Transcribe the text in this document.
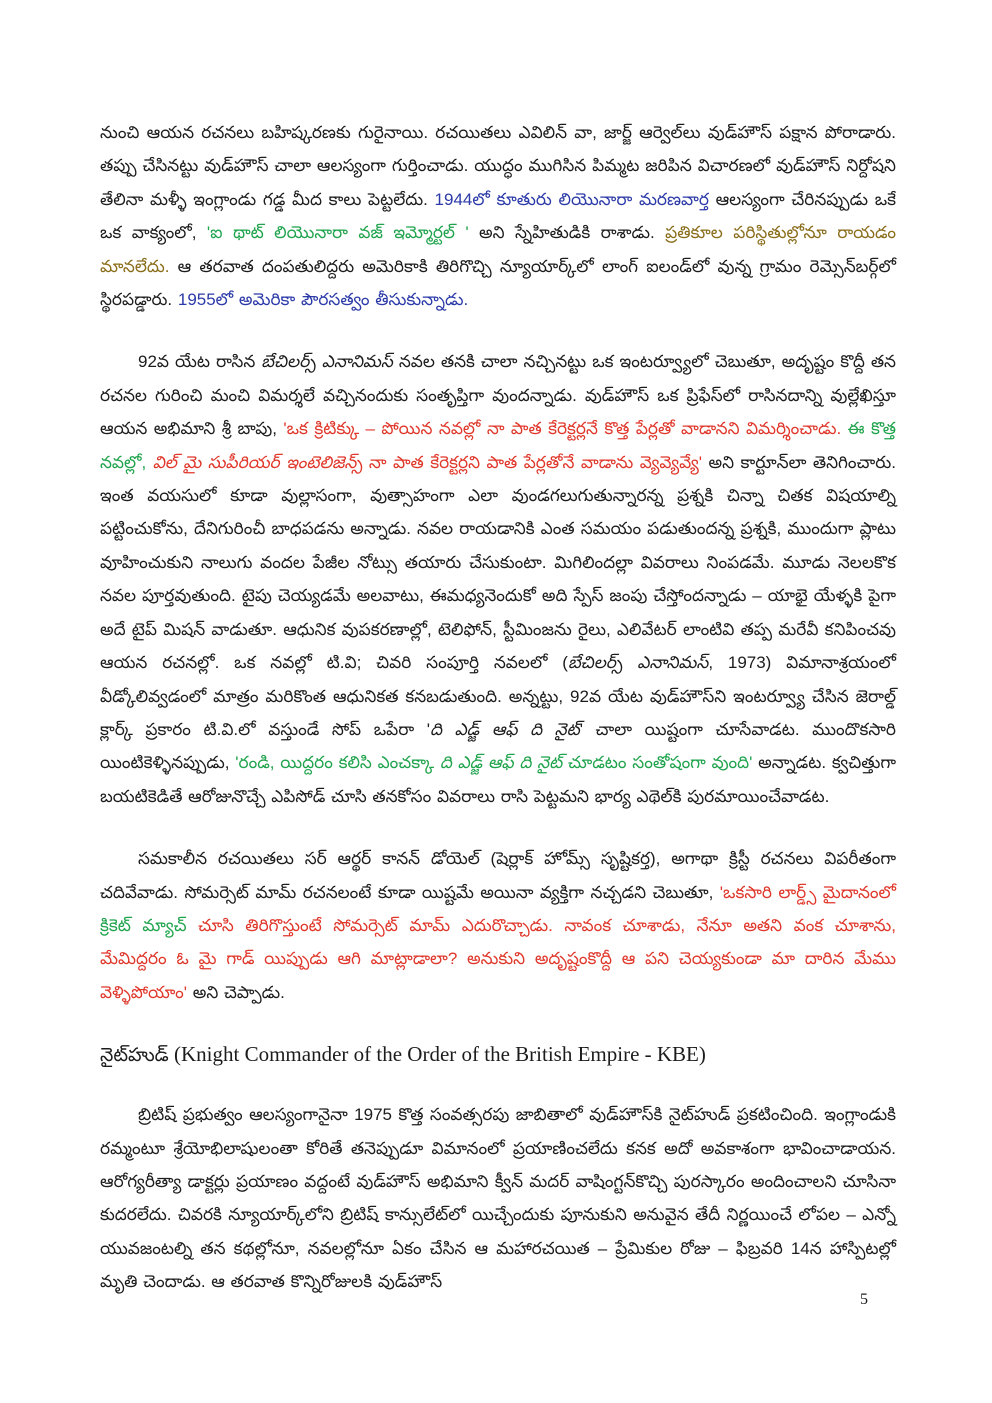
నుంచి ఆయన రచనలు బహిష్కరణకు గురైనాయి. రచయితలు ఎవిలిన్ వా, జార్జ్ ఆర్వెల్‌లు వుడ్‌హౌస్ పక్షాన పోరాడారు. తప్పు చేసినట్టు వుడ్‌హౌస్ చాలా ఆలస్యంగా గుర్తించాడు. యుద్ధం ముగిసిన పిమ్మట జరిపిన విచారణలో వుడ్‌హౌస్ నిర్దోషని తేలినా మళ్ళీ ఇంగ్లాండు గడ్డ మీద కాలు పెట్టలేదు. 1944లో కూతురు లియొనారా మరణవార్త ఆలస్యంగా చేరినప్పుడు ఒకే ఒక వాక్యంలో, 'ఐ థాట్ లియొనారా వజ్ ఇమ్మోర్టల్ ' అని స్నేహితుడికి రాశాడు. ప్రతికూల పరిస్థితుల్లోనూ రాయడం మానలేదు. ఆ తరవాత దంపతులిద్దరు అమెరికాకి తిరిగొచ్చి న్యూయార్క్‌లో లాంగ్ ఐలండ్‌లో వున్న గ్రామం రెమ్సెన్‌బర్గ్‌లో స్థిరపడ్డారు. 1955లో అమెరికా పౌరసత్వం తీసుకున్నాడు.

92వ యేట రాసిన బేచిలర్స్ ఎనానిమస్ నవల తనకి చాలా నచ్చినట్టు ఒక ఇంటర్వ్యూలో చెబుతూ, అదృష్టం కొద్దీ తన రచనల గురించి మంచి విమర్శలే వచ్చినందుకు సంతృప్తిగా వుందన్నాడు. వుడ్‌హౌస్ ఒక ప్రిఫేస్‌లో రాసినదాన్ని వుల్లేఖిస్తూ ఆయన అభిమాని శ్రీ బాపు, 'ఒక క్రిటిక్కు – పోయిన నవల్లో నా పాత కేరెక్టర్లనే కొత్త పేర్లతో వాడానని విమర్శించాడు. ఈ కొత్త నవల్లో, విల్ మై సుపీరియర్ ఇంటెలిజెన్స్ నా పాత కేరెక్టర్లని పాత పేర్లతోనే వాడాను వ్యెవ్యెవ్యే' అని కార్టూన్‌లా తెనిగించారు. ఇంత వయసులో కూడా వుల్లాసంగా, వుత్సాహంగా ఎలా వుండగలుగుతున్నారన్న ప్రశ్నకి చిన్నా చితక విషయాల్ని పట్టించుకోను, దేనిగురించీ బాధపడను అన్నాడు. నవల రాయడానికి ఎంత సమయం పడుతుందన్న ప్రశ్నకి, ముందుగా ప్లాటు వూహించుకుని నాలుగు వందల పేజీల నోట్సు తయారు చేసుకుంటా. మిగిలిందల్లా వివరాలు నింపడమే. మూడు నెలలకొక నవల పూర్తవుతుంది. టైపు చెయ్యడమే అలవాటు, ఈమధ్యనెందుకో అది స్పేస్ జంపు చేస్తోందన్నాడు – యాభై యేళ్ళకి పైగా అదే టైప్ మిషన్ వాడుతూ. ఆధునిక వుపకరణాల్లో, టెలిఫోన్, స్టీమింజను రైలు, ఎలివేటర్ లాంటివి తప్ప మరేవీ కనిపించవు ఆయన రచనల్లో. ఒక నవల్లో టి.వి; చివరి సంపూర్తి నవలలో (బేచిలర్స్ ఎనానిమస్, 1973) విమానాశ్రయంలో వీడ్కోలివ్వడంలో మాత్రం మరికొంత ఆధునికత కనబడుతుంది. అన్నట్టు, 92వ యేట వుడ్‌హౌస్‌ని ఇంటర్వ్యూ చేసిన జెరాల్డ్ క్లార్క్ ప్రకారం టి.వి.లో వస్తుండే సోప్ ఒపేరా 'ది ఎడ్జ్ ఆఫ్ ది నైట్' చాలా యిష్టంగా చూసేవాడట. ముందొకసారి యింటికెళ్ళినప్పుడు, 'రండి, యిద్దరం కలిసి ఎంచక్కా ది ఎడ్జ్ ఆఫ్ ది నైట్ చూడటం సంతోషంగా వుంది' అన్నాడట. క్వచిత్తుగా బయటికెడితే ఆరోజునొచ్చే ఎపిసోడ్ చూసి తనకోసం వివరాలు రాసి పెట్టమని భార్య ఎథెల్‌కి పురమాయించేవాడట.

సమకాలీన రచయితలు సర్ ఆర్థర్ కానన్ డోయెల్ (షెర్లాక్ హోమ్స్ సృష్టికర్త), అగాథా క్రిస్టీ రచనలు విపరీతంగా చదివేవాడు. సోమర్సెట్ మామ్ రచనలంటే కూడా యిష్టమే అయినా వ్యక్తిగా నచ్చడని చెబుతూ, 'ఒకసారి లార్డ్స్ మైదానంలో క్రికెట్ మ్యాచ్ చూసి తిరిగొస్తుంటే సోమర్సెట్ మామ్ ఎదురొచ్చాడు. నావంక చూశాడు, నేనూ అతని వంక చూశాను, మేమిద్దరం ఓ మై గాడ్ యిప్పుడు ఆగి మాట్లాడాలా? అనుకుని అదృష్టంకొద్దీ ఆ పని చెయ్యకుండా మా దారిన మేము వెళ్ళిపోయాం' అని చెప్పాడు.

నైట్‌హుడ్ (Knight Commander of the Order of the British Empire - KBE)

బ్రిటిష్ ప్రభుత్వం ఆలస్యంగానైనా 1975 కొత్త సంవత్సరపు జాబితాలో వుడ్‌హౌస్‌కి నైట్‌హుడ్ ప్రకటించింది. ఇంగ్లాండుకి రమ్మంటూ శ్రేయోభిలాషులంతా కోరితే తనెప్పుడూ విమానంలో ప్రయాణించలేదు కనక అదో అవకాశంగా భావించాడాయన. ఆరోగ్యరీత్యా డాక్టర్లు ప్రయాణం వద్దంటే వుడ్‌హౌస్ అభిమాని క్వీన్ మదర్ వాషింగ్టన్‌కొచ్చి పురస్కారం అందించాలని చూసినా కుదరలేదు. చివరకి న్యూయార్క్‌లోని బ్రిటిష్ కాన్సులేట్‌లో యిచ్చేందుకు పూనుకుని అనువైన తేదీ నిర్ణయించే లోపల – ఎన్నో యువజంటల్ని తన కథల్లోనూ, నవలల్లోనూ ఏకం చేసిన ఆ మహారచయిత – ప్రేమికుల రోజు – ఫిబ్రవరి 14న హాస్పిటల్లో మృతి చెందాడు. ఆ తరవాత కొన్నిరోజులకి వుడ్‌హౌస్

5
